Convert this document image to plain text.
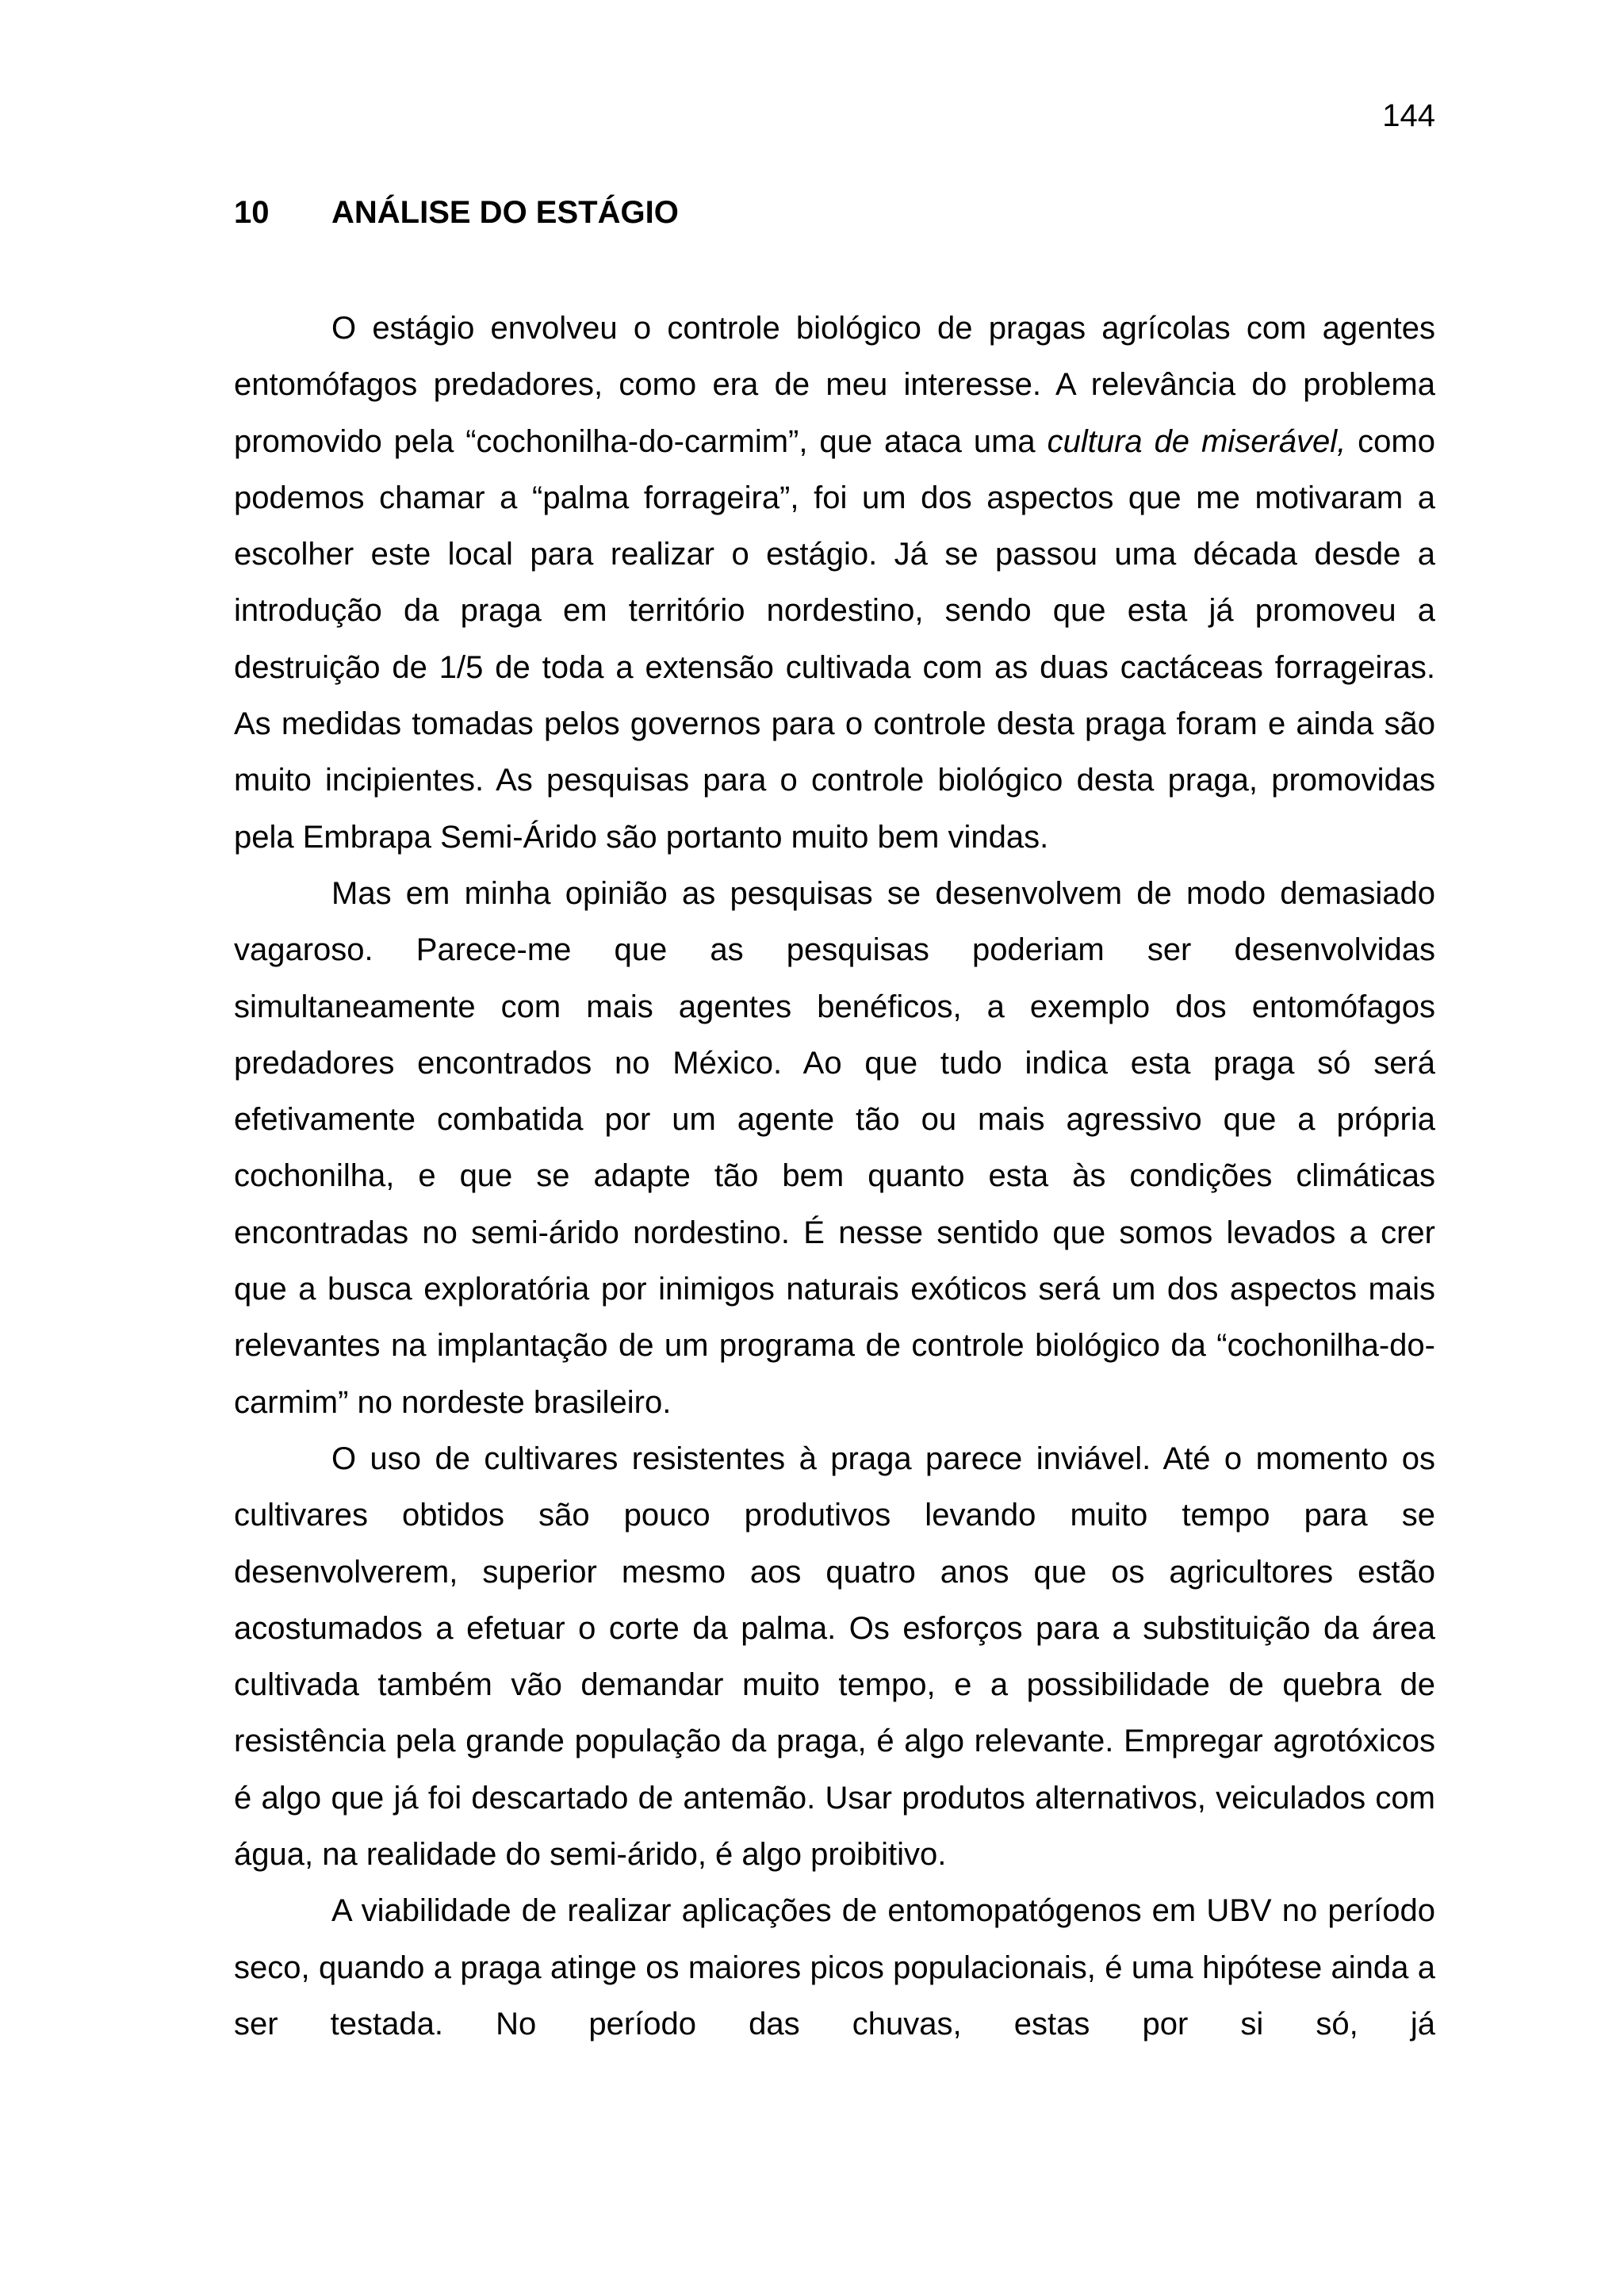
144
10	ANÁLISE DO ESTÁGIO

O estágio envolveu o controle biológico de pragas agrícolas com agentes entomófagos predadores, como era de meu interesse. A relevância do problema promovido pela “cochonilha-do-carmim”, que ataca uma cultura de miserável, como podemos chamar a “palma forrageira”, foi um dos aspectos que me motivaram a escolher este local para realizar o estágio. Já se passou uma década desde a introdução da praga em território nordestino, sendo que esta já promoveu a destruição de 1/5 de toda a extensão cultivada com as duas cactáceas forrageiras. As medidas tomadas pelos governos para o controle desta praga foram e ainda são muito incipientes. As pesquisas para o controle biológico desta praga, promovidas pela Embrapa Semi-Árido são portanto muito bem vindas.

Mas em minha opinião as pesquisas se desenvolvem de modo demasiado vagaroso. Parece-me que as pesquisas poderiam ser desenvolvidas simultaneamente com mais agentes benéficos, a exemplo dos entomófagos predadores encontrados no México. Ao que tudo indica esta praga só será efetivamente combatida por um agente tão ou mais agressivo que a própria cochonilha, e que se adapte tão bem quanto esta às condições climáticas encontradas no semi-árido nordestino. É nesse sentido que somos levados a crer que a busca exploratória por inimigos naturais exóticos será um dos aspectos mais relevantes na implantação de um programa de controle biológico da “cochonilha-do-carmim” no nordeste brasileiro.

O uso de cultivares resistentes à praga parece inviável. Até o momento os cultivares obtidos são pouco produtivos levando muito tempo para se desenvolverem, superior mesmo aos quatro anos que os agricultores estão acostumados a efetuar o corte da palma. Os esforços para a substituição da área cultivada também vão demandar muito tempo, e a possibilidade de quebra de resistência pela grande população da praga, é algo relevante. Empregar agrotóxicos é algo que já foi descartado de antemão. Usar produtos alternativos, veiculados com água, na realidade do semi-árido, é algo proibitivo.

A viabilidade de realizar aplicações de entomopatógenos em UBV no período seco, quando a praga atinge os maiores picos populacionais, é uma hipótese ainda a ser testada. No período das chuvas, estas por si só, já
